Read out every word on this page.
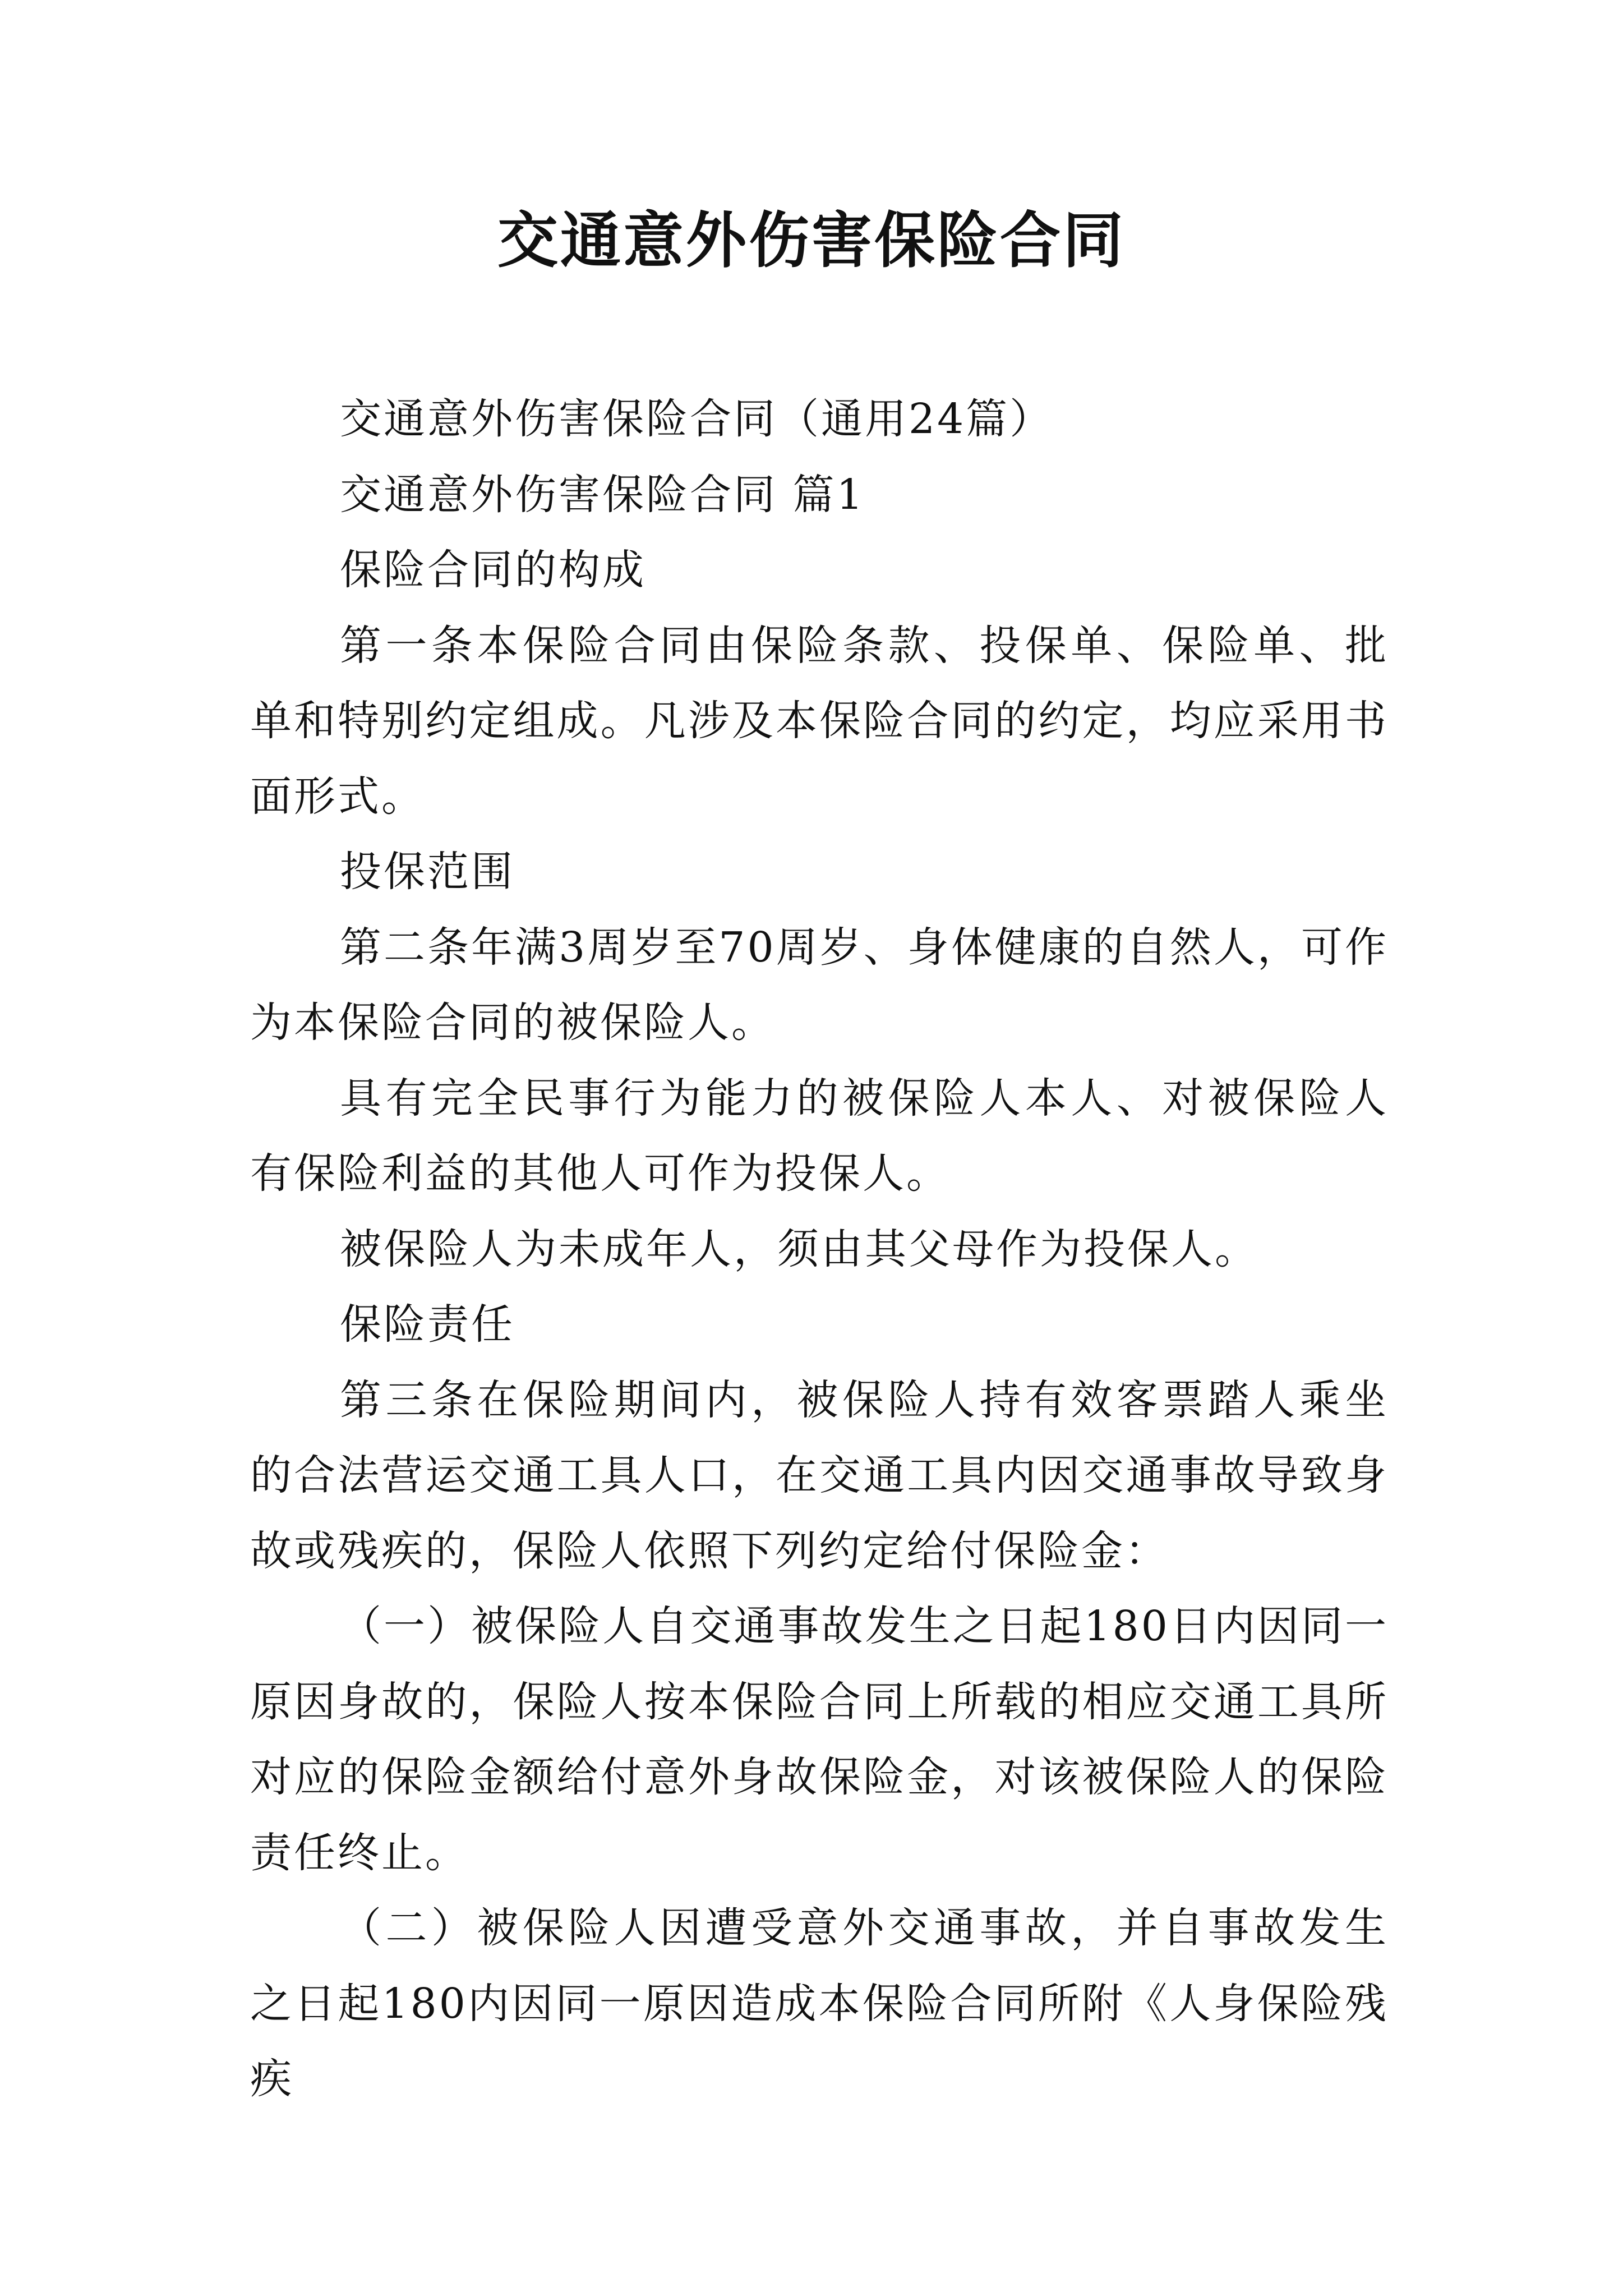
交通意外伤害保险合同

交通意外伤害保险合同（通用24篇）

交通意外伤害保险合同 篇1

保险合同的构成

第一条本保险合同由保险条款、投保单、保险单、批单和特别约定组成。凡涉及本保险合同的约定，均应采用书面形式。

投保范围

第二条年满3周岁至70周岁、身体健康的自然人，可作为本保险合同的被保险人。

具有完全民事行为能力的被保险人本人、对被保险人有保险利益的其他人可作为投保人。

被保险人为未成年人，须由其父母作为投保人。

保险责任

第三条在保险期间内，被保险人持有效客票踏人乘坐的合法营运交通工具人口，在交通工具内因交通事故导致身故或残疾的，保险人依照下列约定给付保险金：

（一）被保险人自交通事故发生之日起180日内因同一原因身故的，保险人按本保险合同上所载的相应交通工具所对应的保险金额给付意外身故保险金，对该被保险人的保险责任终止。

（二）被保险人因遭受意外交通事故，并自事故发生之日起180内因同一原因造成本保险合同所附《人身保险残疾
